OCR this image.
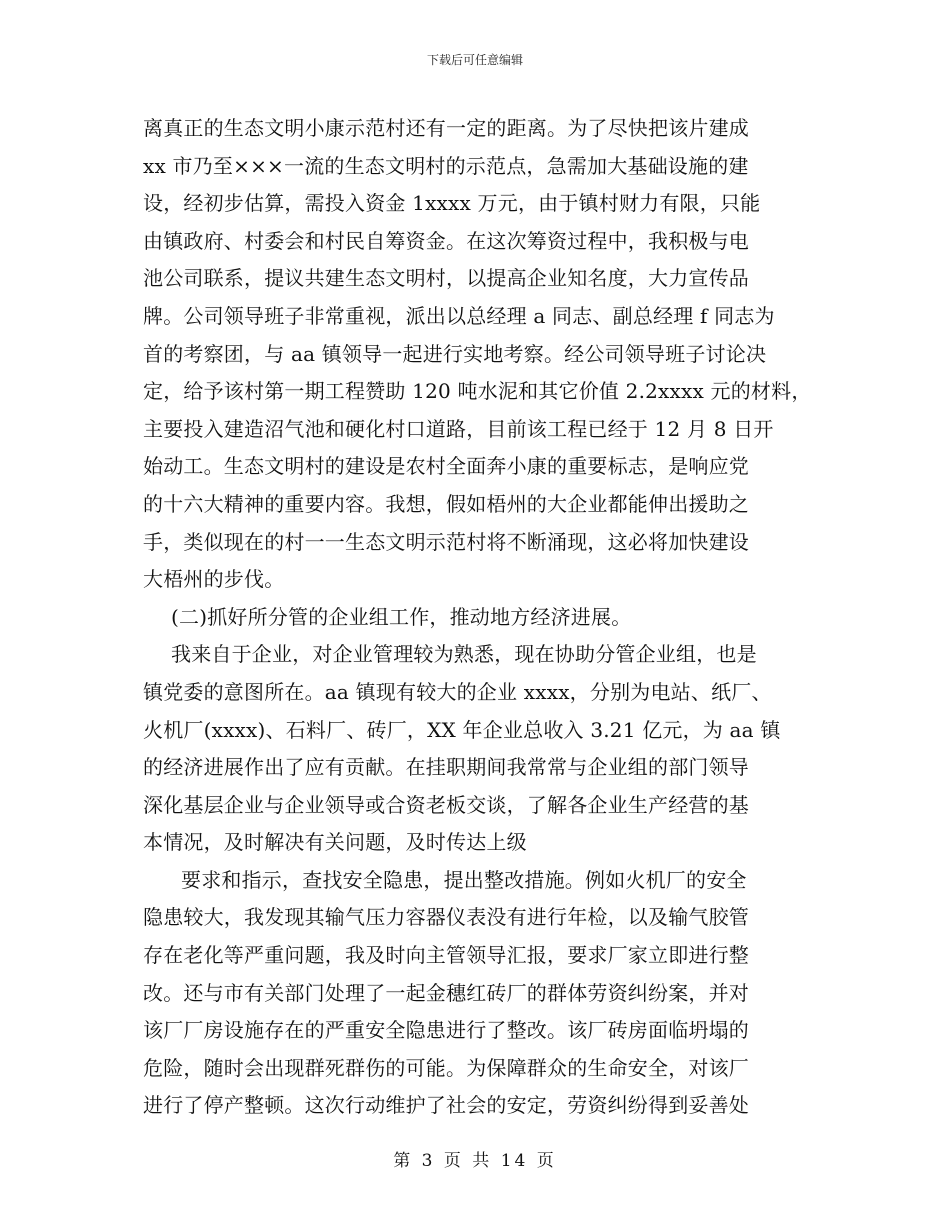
下载后可任意编辑
离真正的生态文明小康示范村还有一定的距离。为了尽快把该片建成
xx 市乃至×××一流的生态文明村的示范点，急需加大基础设施的建
设，经初步估算，需投入资金 1xxxx 万元，由于镇村财力有限，只能
由镇政府、村委会和村民自筹资金。在这次筹资过程中，我积极与电
池公司联系，提议共建生态文明村，以提高企业知名度，大力宣传品
牌。公司领导班子非常重视，派出以总经理 a 同志、副总经理 f 同志为
首的考察团，与 aa 镇领导一起进行实地考察。经公司领导班子讨论决
定，给予该村第一期工程赞助 120 吨水泥和其它价值 2.2xxxx 元的材料，
主要投入建造沼气池和硬化村口道路，目前该工程已经于 12 月 8 日开
始动工。生态文明村的建设是农村全面奔小康的重要标志，是响应党
的十六大精神的重要内容。我想，假如梧州的大企业都能伸出援助之
手，类似现在的村一一生态文明示范村将不断涌现，这必将加快建设
大梧州的步伐。
(二)抓好所分管的企业组工作，推动地方经济进展。
我来自于企业，对企业管理较为熟悉，现在协助分管企业组，也是
镇党委的意图所在。aa 镇现有较大的企业 xxxx，分别为电站、纸厂、
火机厂(xxxx)、石料厂、砖厂，XX 年企业总收入 3.21 亿元，为 aa 镇
的经济进展作出了应有贡献。在挂职期间我常常与企业组的部门领导
深化基层企业与企业领导或合资老板交谈，了解各企业生产经营的基
本情况，及时解决有关问题，及时传达上级
要求和指示，查找安全隐患，提出整改措施。例如火机厂的安全
隐患较大，我发现其输气压力容器仪表没有进行年检，以及输气胶管
存在老化等严重问题，我及时向主管领导汇报，要求厂家立即进行整
改。还与市有关部门处理了一起金穗红砖厂的群体劳资纠纷案，并对
该厂厂房设施存在的严重安全隐患进行了整改。该厂砖房面临坍塌的
危险，随时会出现群死群伤的可能。为保障群众的生命安全，对该厂
进行了停产整顿。这次行动维护了社会的安定，劳资纠纷得到妥善处
第 3 页 共 14 页
